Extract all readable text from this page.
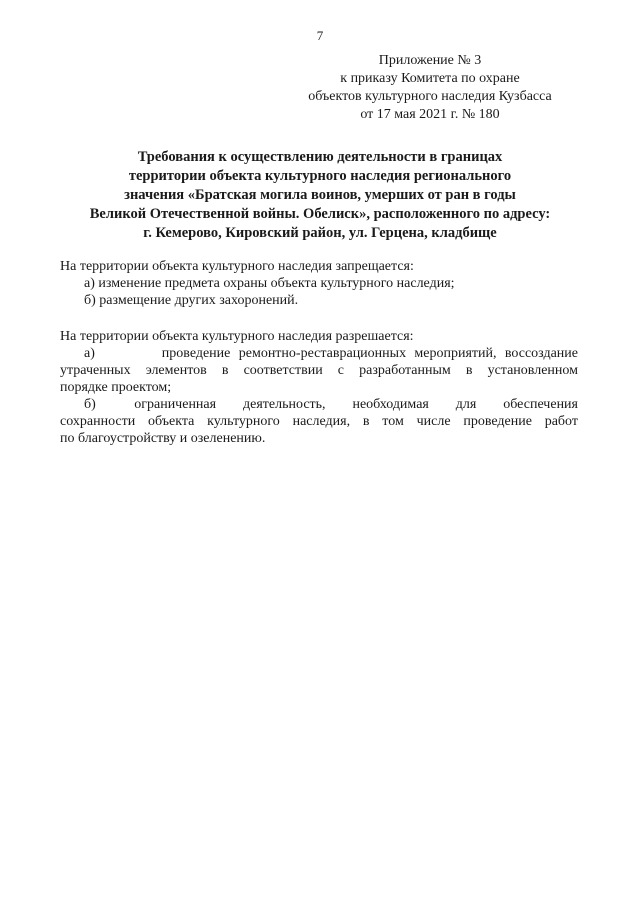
7
Приложение № 3
к приказу Комитета по охране
объектов культурного наследия Кузбасса
от 17 мая 2021 г. № 180
Требования к осуществлению деятельности в границах
территории объекта культурного наследия регионального
значения «Братская могила воинов, умерших от ран в годы
Великой Отечественной войны. Обелиск», расположенного по адресу:
г. Кемерово, Кировский район, ул. Герцена, кладбище
На территории объекта культурного наследия запрещается:
а) изменение предмета охраны объекта культурного наследия;
б) размещение других захоронений.
На территории объекта культурного наследия разрешается:
а)        проведение ремонтно-реставрационных мероприятий, воссоздание
утраченных элементов в соответствии с разработанным в установленном
порядке проектом;
б)          ограниченная       деятельность,       необходимая       для       обеспечения
сохранности объекта культурного наследия, в том числе проведение работ
по благоустройству и озеленению.
